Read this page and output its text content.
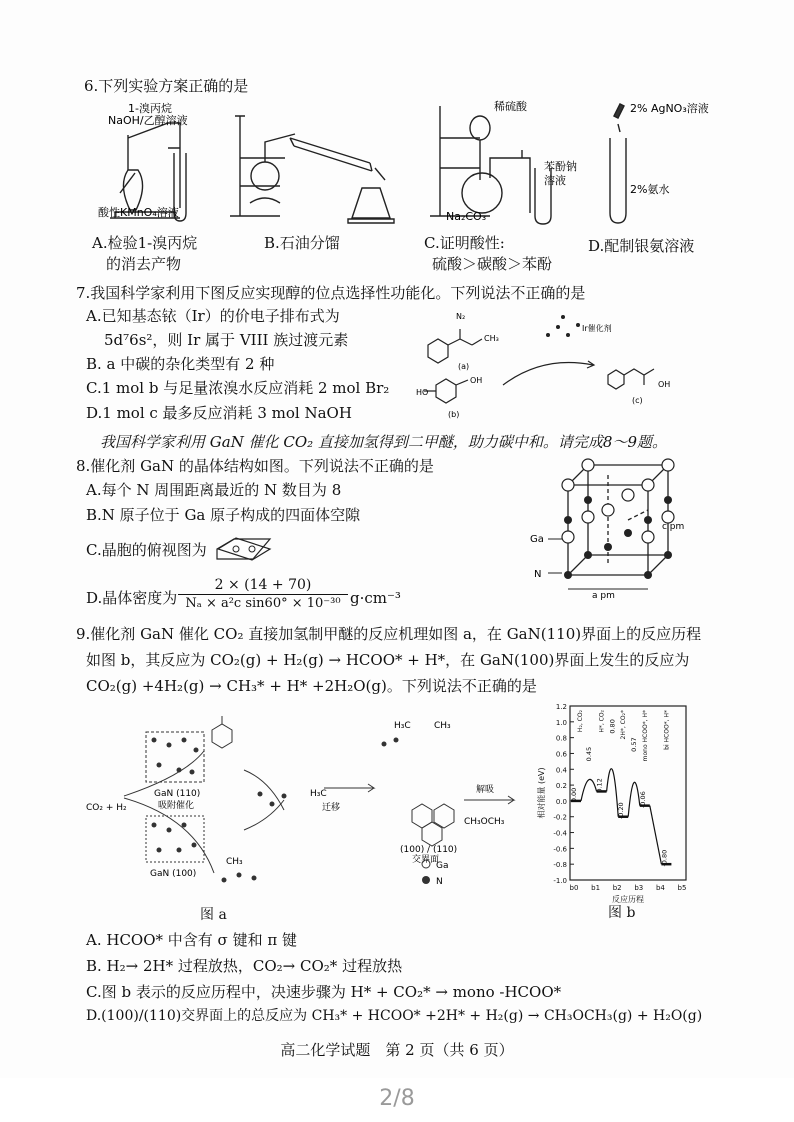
6.下列实验方案正确的是
1-溴丙烷
NaOH/乙醇溶液
酸性KMnO₄溶液
稀硫酸
苯酚钠
溶液
Na₂CO₃
2% AgNO₃溶液
2%氨水
A.检验1-溴丙烷
的消去产物
B.石油分馏	C.证明酸性:
硫酸＞碳酸＞苯酚
D.配制银氨溶液
7.我国科学家利用下图反应实现醇的位点选择性功能化。下列说法不正确的是
A.已知基态铱（Ir）的价电子排布式为
5d⁷6s²，则 Ir 属于 VIII 族过渡元素
B. a 中碳的杂化类型有 2 种
C.1 mol b 与足量浓溴水反应消耗 2 mol Br₂
D.1 mol c 最多反应消耗 3 mol NaOH
N₂
CH₃
(a)
HO
OH
(b)
Ir催化剂
(c)
OH
我国科学家利用 GaN 催化 CO₂ 直接加氢得到二甲醚，助力碳中和。请完成8～9题。
8.催化剂 GaN 的晶体结构如图。下列说法不正确的是
A.每个 N 周围距离最近的 N 数目为 8
B.N 原子位于 Ga 原子构成的四面体空隙
C.晶胞的俯视图为
D.晶体密度为 $\frac{2 \times (14 + 70)}{\text{Nₐ × a²c sin60° × 10⁻³⁰}} g\cdot cm^{-3}$
Ga
N
c pm
a pm
9.催化剂 GaN 催化 CO₂ 直接加氢制甲醚的反应机理如图 a，在 GaN(110)界面上的反应历程
如图 b，其反应为 CO₂(g) + H₂(g) → HCOO* + H*，在 GaN(100)界面上发生的反应为
CO₂(g) +4H₂(g) → CH₃* + H* +2H₂O(g)。下列说法不正确的是
GaN (110)
吸附催化
CO₂ + H₂
GaN (100)
CH₃
迁移
H₃C
H₃C	CH₃
(100) / (110)
交界面
解吸
CH₃OCH₃
Ga
N
图 a
1.2
1.0
0.8
0.6
0.4
0.2
0.0
-0.2
-0.4
-0.6
-0.8
-1.0
b0 b1 b2 b3 b4 b5
相对能量 (eV)
反应历程
0.00
0.12
-0.20
-0.06
-0.80
0.45
0.80
0.57
H₂, CO₂ H*, CO₂ 2H*, CO₂* mono HCOO*, H* bi HCOO*, H*
图 b
A. HCOO* 中含有 σ 键和 π 键
B. H₂→ 2H* 过程放热，CO₂→ CO₂* 过程放热
C.图 b 表示的反应历程中，决速步骤为 H* + CO₂* → mono -HCOO*
D.(100)/(110)交界面上的总反应为 CH₃* + HCOO* +2H* + H₂(g) → CH₃OCH₃(g) + H₂O(g)
高二化学试题　第 2 页（共 6 页）
2/8
